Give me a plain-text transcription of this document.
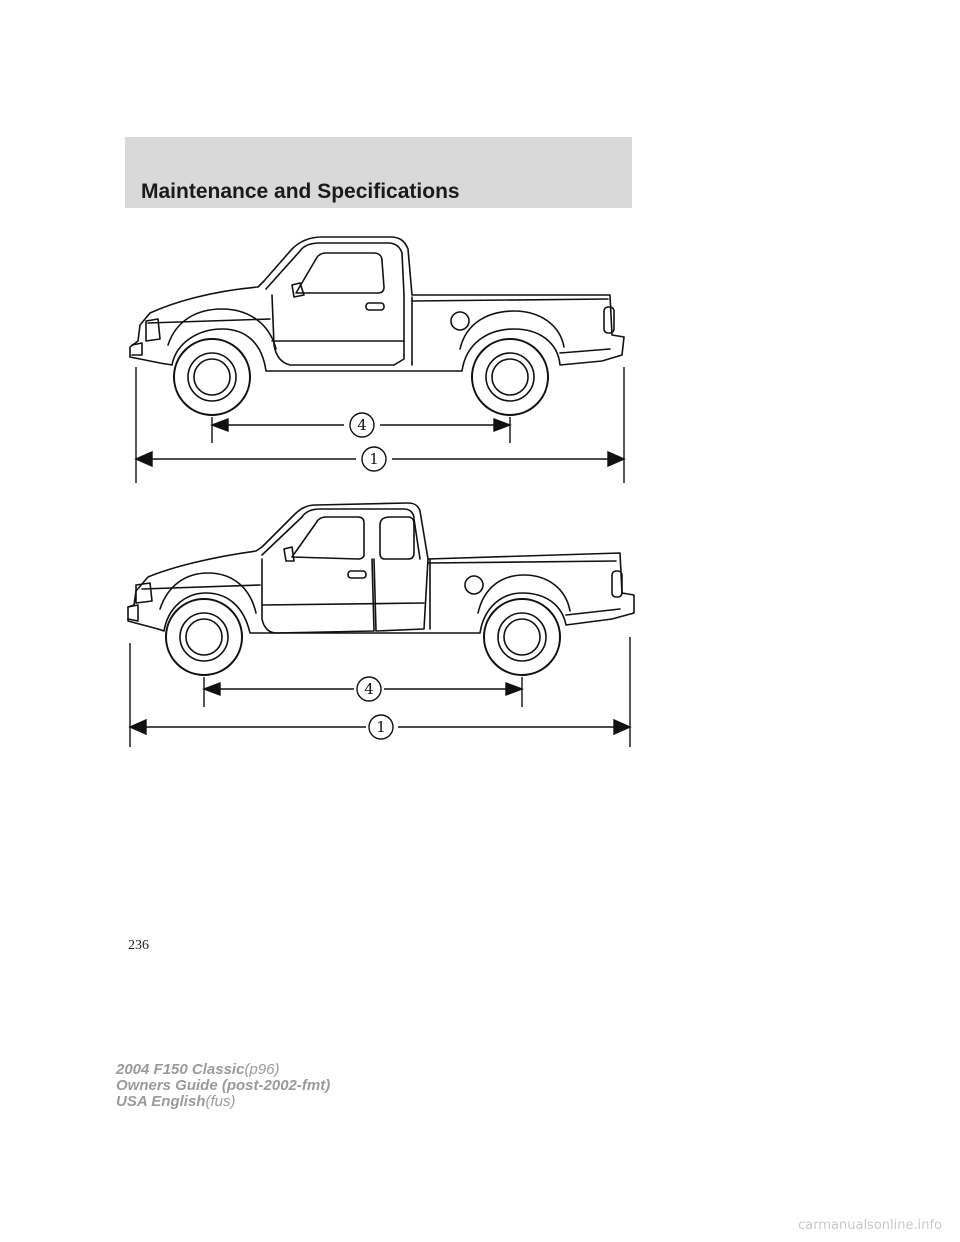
Maintenance and Specifications
4
1
4
1
236
2004 F150 Classic(p96)
Owners Guide (post-2002-fmt)
USA English(fus)
carmanualsonline.info
